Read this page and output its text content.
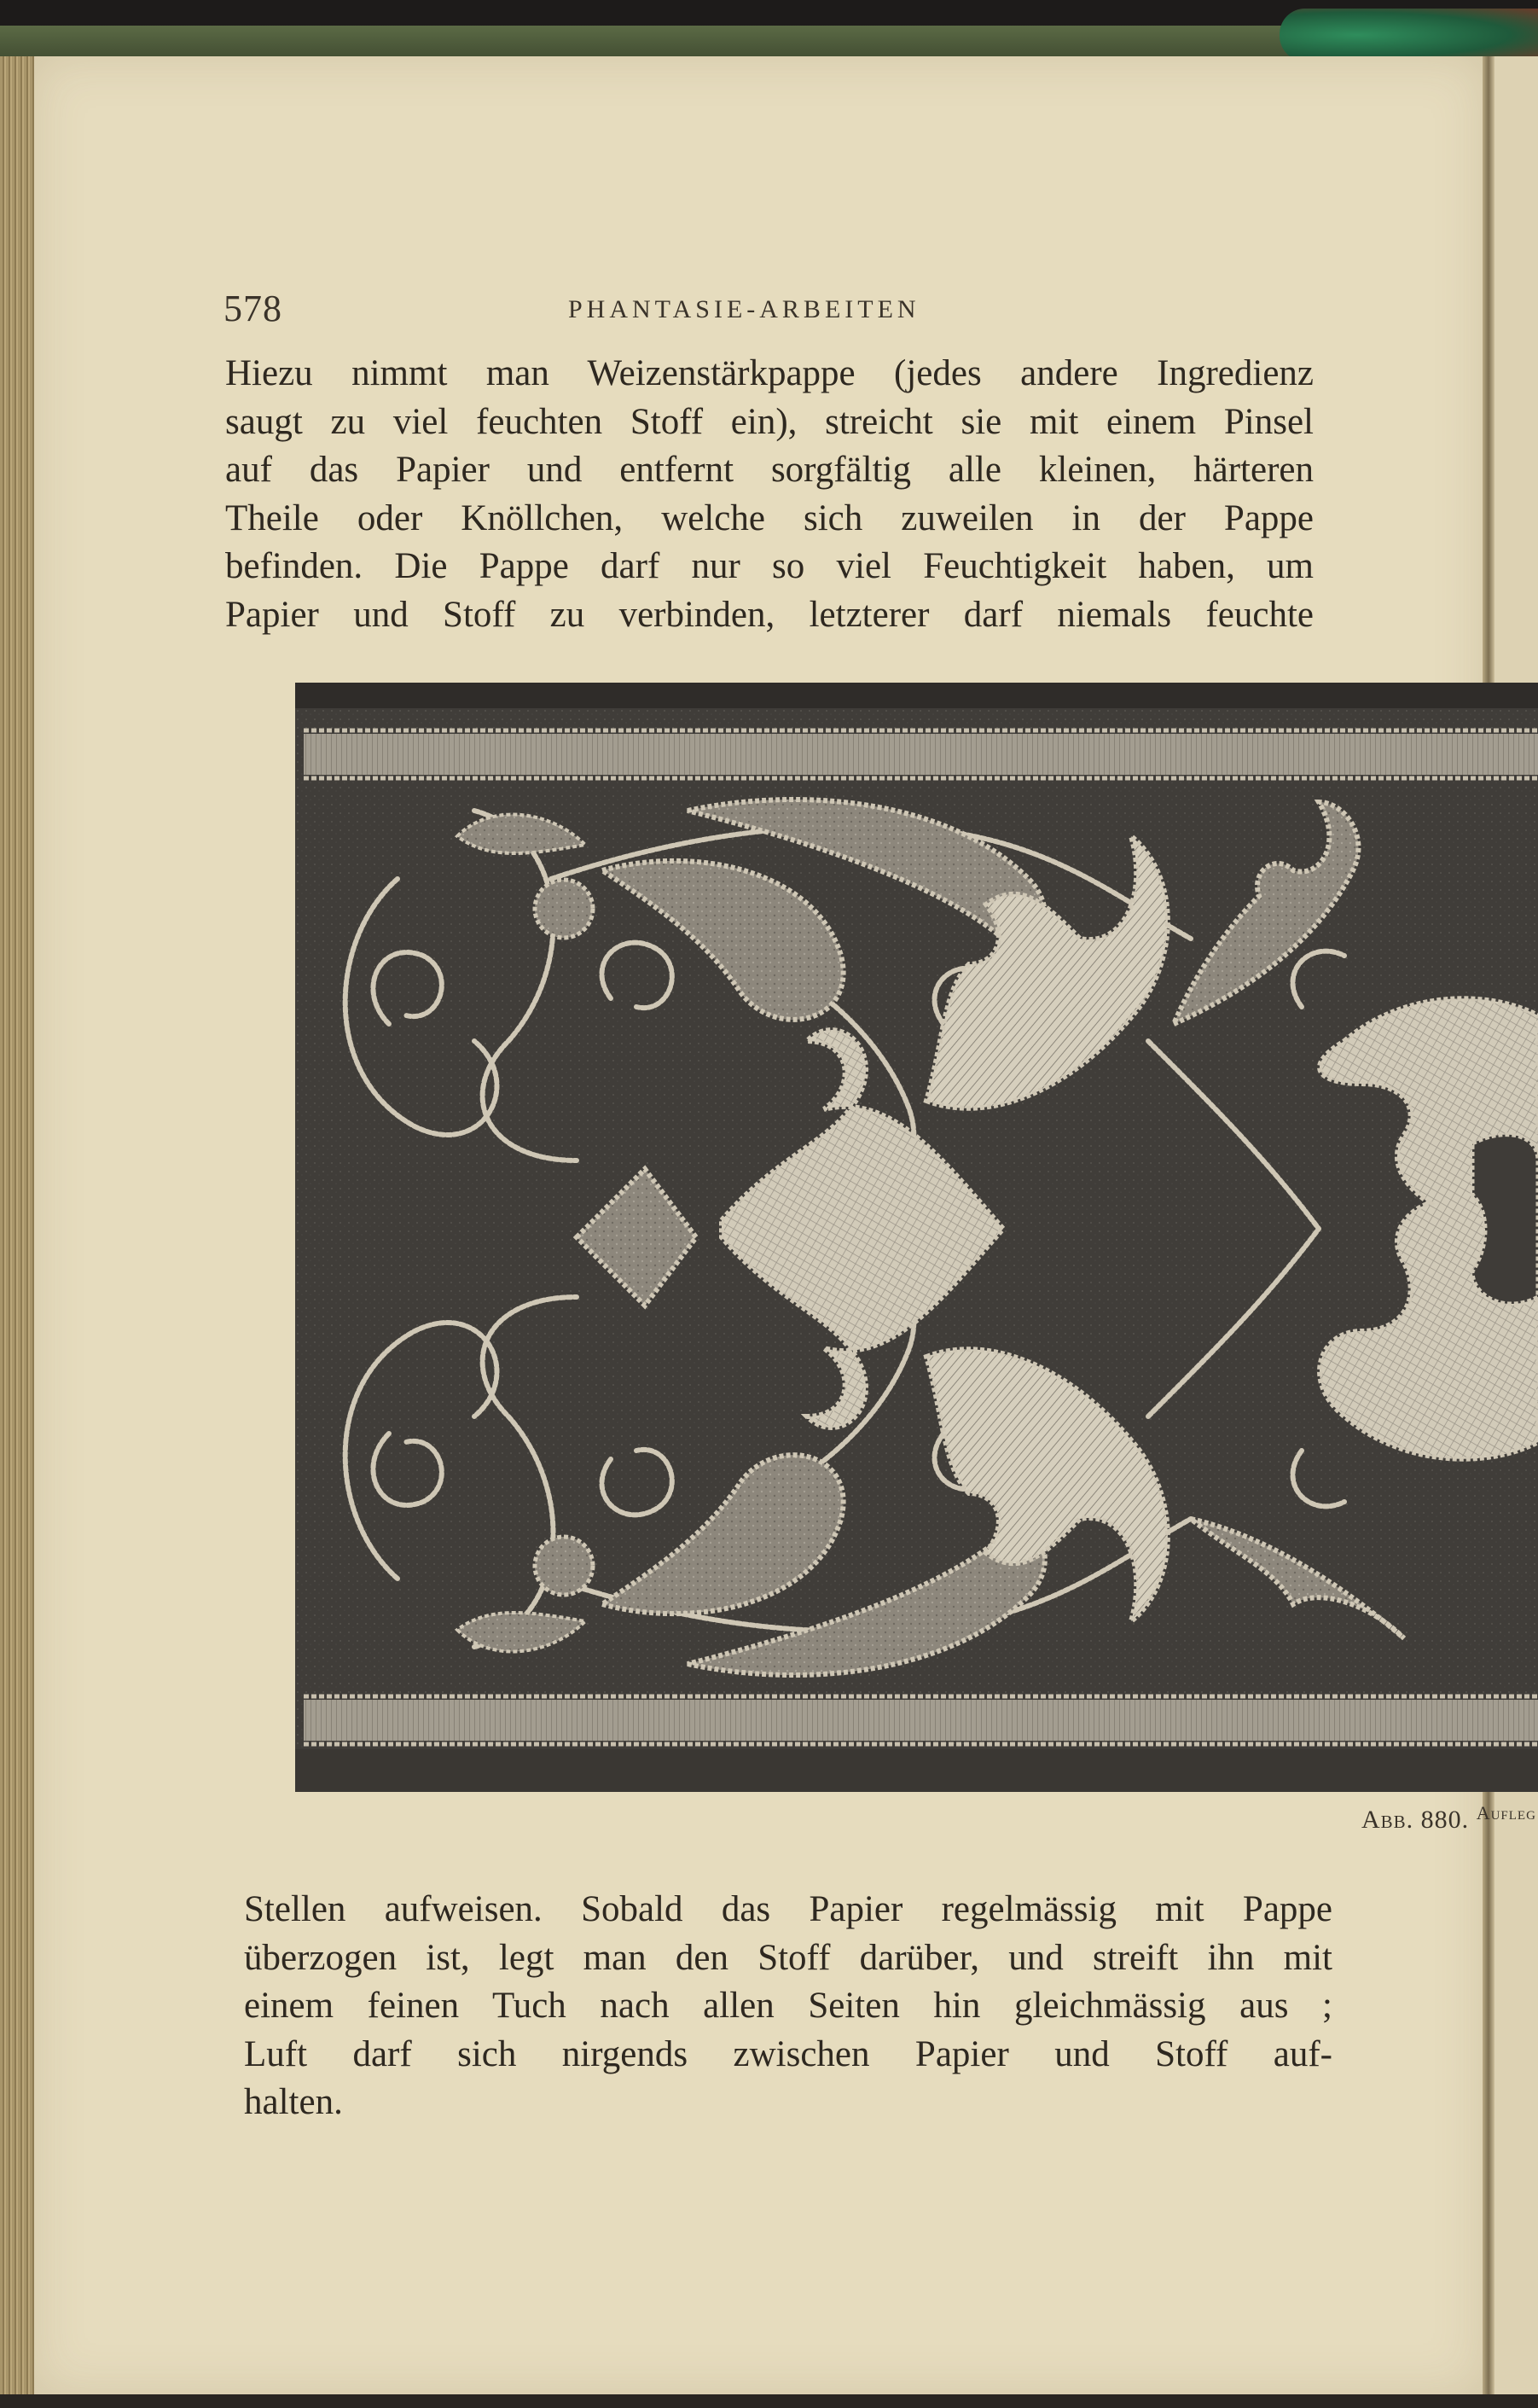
578	PHANTASIE-ARBEITEN

Hiezu nimmt man Weizenstärkpappe (jedes andere Ingredienz
saugt zu viel feuchten Stoff ein), streicht sie mit einem Pinsel
auf das Papier und entfernt sorgfältig alle kleinen, härteren
Theile oder Knöllchen, welche sich zuweilen in der Pappe
befinden. Die Pappe darf nur so viel Feuchtigkeit haben, um
Papier und Stoff zu verbinden, letzterer darf niemals feuchte

Abb. 880. $^{Aufleg}$

Stellen aufweisen. Sobald das Papier regelmässig mit Pappe
überzogen ist, legt man den Stoff darüber, und streift ihn mit
einem feinen Tuch nach allen Seiten hin gleichmässig aus ;
Luft darf sich nirgends zwischen Papier und Stoff auf-
halten.
